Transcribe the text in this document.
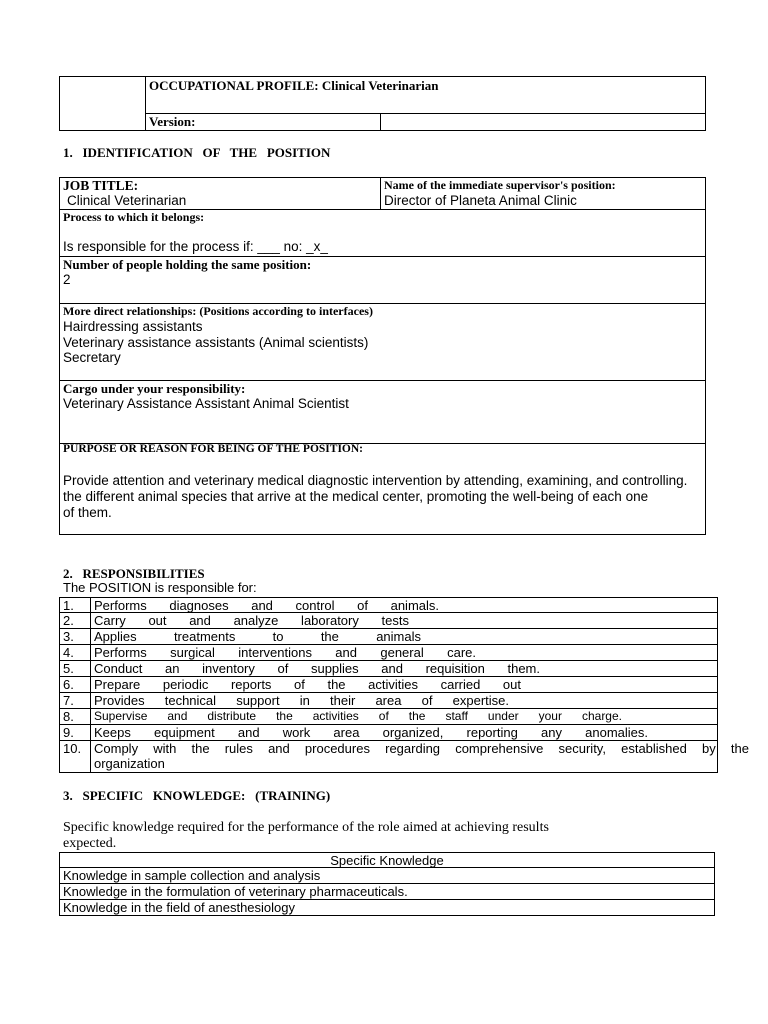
OCCUPATIONAL PROFILE: Clinical Veterinarian
Version:
1.   IDENTIFICATION   OF   THE   POSITION
JOB TITLE:
Clinical Veterinarian
Name of the immediate supervisor's position:
Director of Planeta Animal Clinic
Process to which it belongs:
Is responsible for the process if: ___ no: _x_
Number of people holding the same position:
2
More direct relationships: (Positions according to interfaces)
Hairdressing assistants
Veterinary assistance assistants (Animal scientists)
Secretary
Cargo under your responsibility:
Veterinary Assistance Assistant Animal Scientist
PURPOSE OR REASON FOR BEING OF THE POSITION:
Provide attention and veterinary medical diagnostic intervention by attending, examining, and controlling.
the different animal species that arrive at the medical center, promoting the well-being of each one
of them.
2.   RESPONSIBILITIES
The POSITION is responsible for:
1. Performs diagnoses and control of animals.
2. Carry out and analyze laboratory tests
3. Applies treatments to the animals
4. Performs surgical interventions and general care.
5. Conduct an inventory of supplies and requisition them.
6. Prepare periodic reports of the activities carried out
7. Provides technical support in their area of expertise.
8. Supervise and distribute the activities of the staff under your charge.
9. Keeps equipment and work area organized, reporting any anomalies.
10. Comply with the rules and procedures regarding comprehensive security, established by the
organization
3.   SPECIFIC   KNOWLEDGE:   (TRAINING)
Specific knowledge required for the performance of the role aimed at achieving results
expected.
Specific Knowledge
Knowledge in sample collection and analysis
Knowledge in the formulation of veterinary pharmaceuticals.
Knowledge in the field of anesthesiology
